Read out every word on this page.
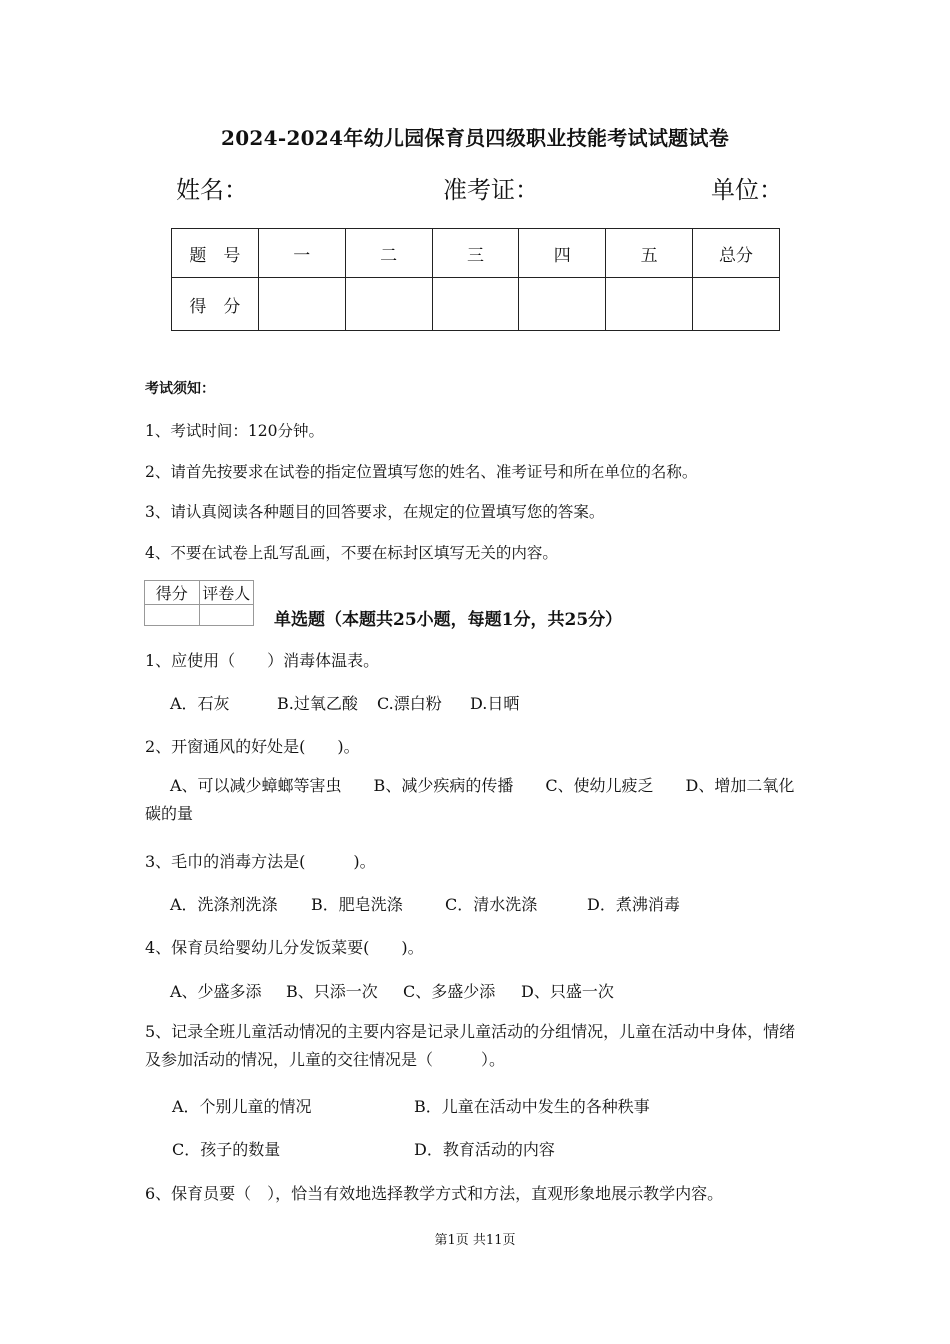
2024-2024年幼儿园保育员四级职业技能考试试题试卷
姓名：	准考证：	单位：
题　号	一	二	三	四	五	总分
得　分						
考试须知：
1、考试时间：120分钟。
2、请首先按要求在试卷的指定位置填写您的姓名、准考证号和所在单位的名称。
3、请认真阅读各种题目的回答要求，在规定的位置填写您的答案。
4、不要在试卷上乱写乱画，不要在标封区填写无关的内容。
得分	评卷人

单选题（本题共25小题，每题1分，共25分）
1、应使用（　　）消毒体温表。
A．石灰	B.过氧乙酸 C.漂白粉 D.日晒
2、开窗通风的好处是(　　)。
A、可以减少蟑螂等害虫　　B、减少疾病的传播　　C、使幼儿疲乏　　D、增加二氧化碳的量
3、毛巾的消毒方法是(　　　)。
A．洗涤剂洗涤 B．肥皂洗涤	C．清水洗涤	D．煮沸消毒
4、保育员给婴幼儿分发饭菜要(　　)。
A、少盛多添 B、只添一次 C、多盛少添 D、只盛一次
5、记录全班儿童活动情况的主要内容是记录儿童活动的分组情况，儿童在活动中身体，情绪及参加活动的情况，儿童的交往情况是（　　　）。
A．个别儿童的情况	B．儿童在活动中发生的各种秩事
C．孩子的数量	D．教育活动的内容
6、保育员要（　），恰当有效地选择教学方式和方法，直观形象地展示教学内容。
第1页 共11页
